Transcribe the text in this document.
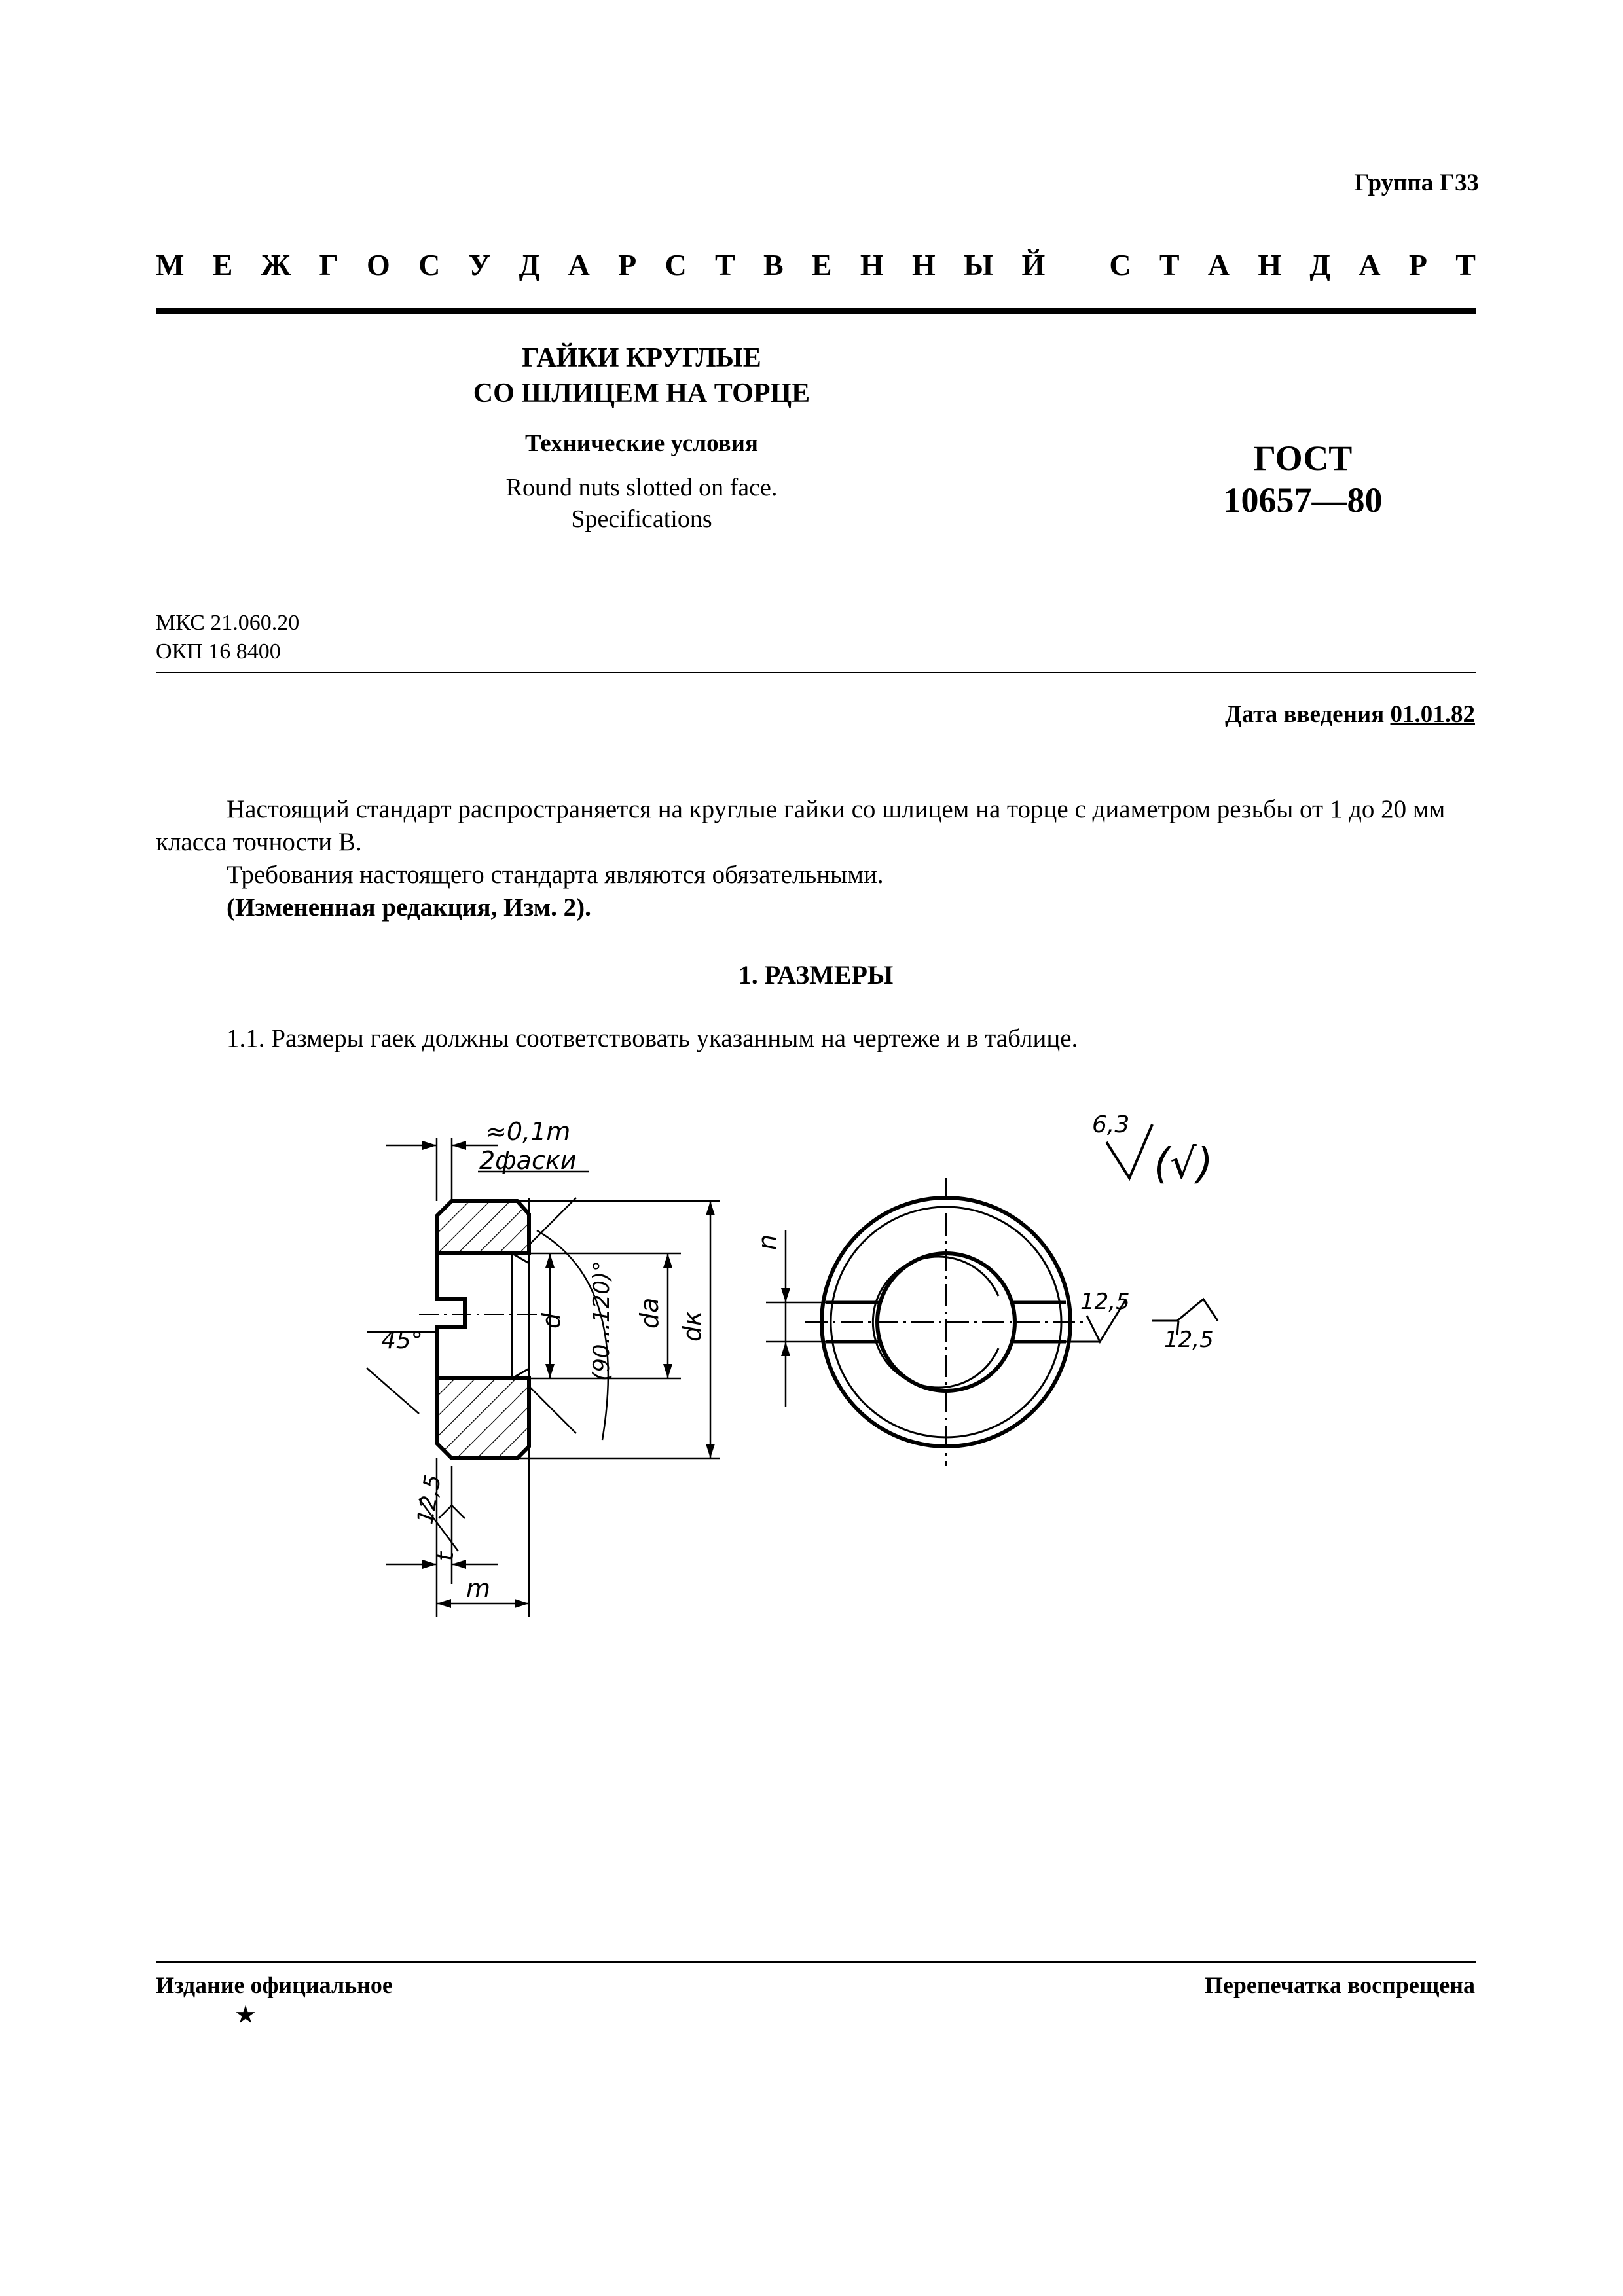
Группа Г33
М Е Ж Г О С У Д А Р С Т В Е Н Н Ы Й
С Т А Н Д А Р Т
ГАЙКИ КРУГЛЫЕ
СО ШЛИЦЕМ НА ТОРЦЕ
Технические условия
Round nuts slotted on face.
Specifications
ГОСТ
10657—80
МКС 21.060.20
ОКП 16 8400
Дата введения 01.01.82
Настоящий стандарт распространяется на круглые гайки со шлицем на торце с диаметром резьбы от 1 до 20 мм класса точности В.
Требования настоящего стандарта являются обязательными.
(Измененная редакция, Изм. 2).
1. РАЗМЕРЫ
1.1. Размеры гаек должны соответствовать указанным на чертеже и в таблице.
≈0,1m
2фаски
45°	(90...120)°
d	dа dк
12,5
t
m
n
12,5
6,3
(√)
12,5
Издание официальное
★
Перепечатка воспрещена
